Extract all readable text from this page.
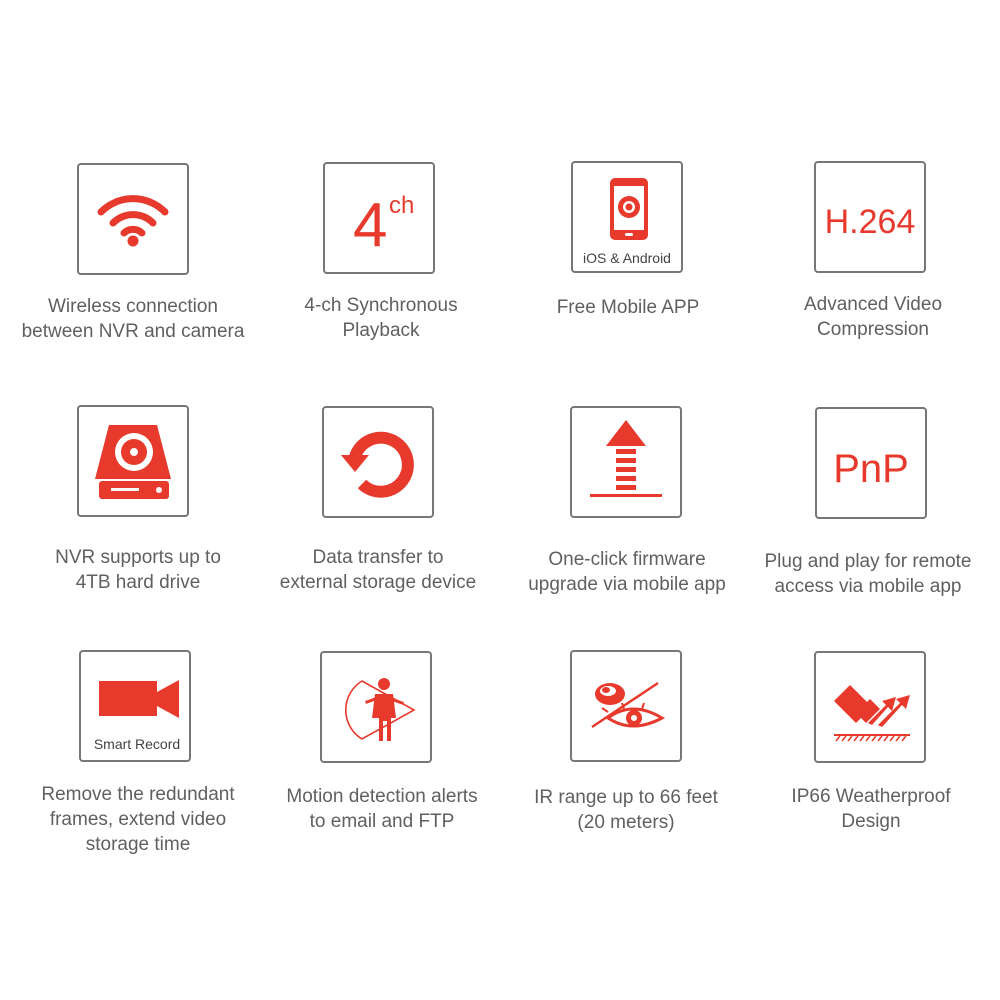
Wireless connection
between NVR and camera
4 ch
4-ch Synchronous
Playback
iOS & Android
Free Mobile APP
H.264
Advanced Video
Compression
NVR supports up to
4TB hard drive
Data transfer to
external storage device
One-click firmware
upgrade via mobile app
PnP
Plug and play for remote
access via mobile app
Smart Record
Remove the redundant
frames, extend video
storage time
Motion detection alerts
to email and FTP
IR range up to 66 feet
(20 meters)
IP66 Weatherproof
Design
